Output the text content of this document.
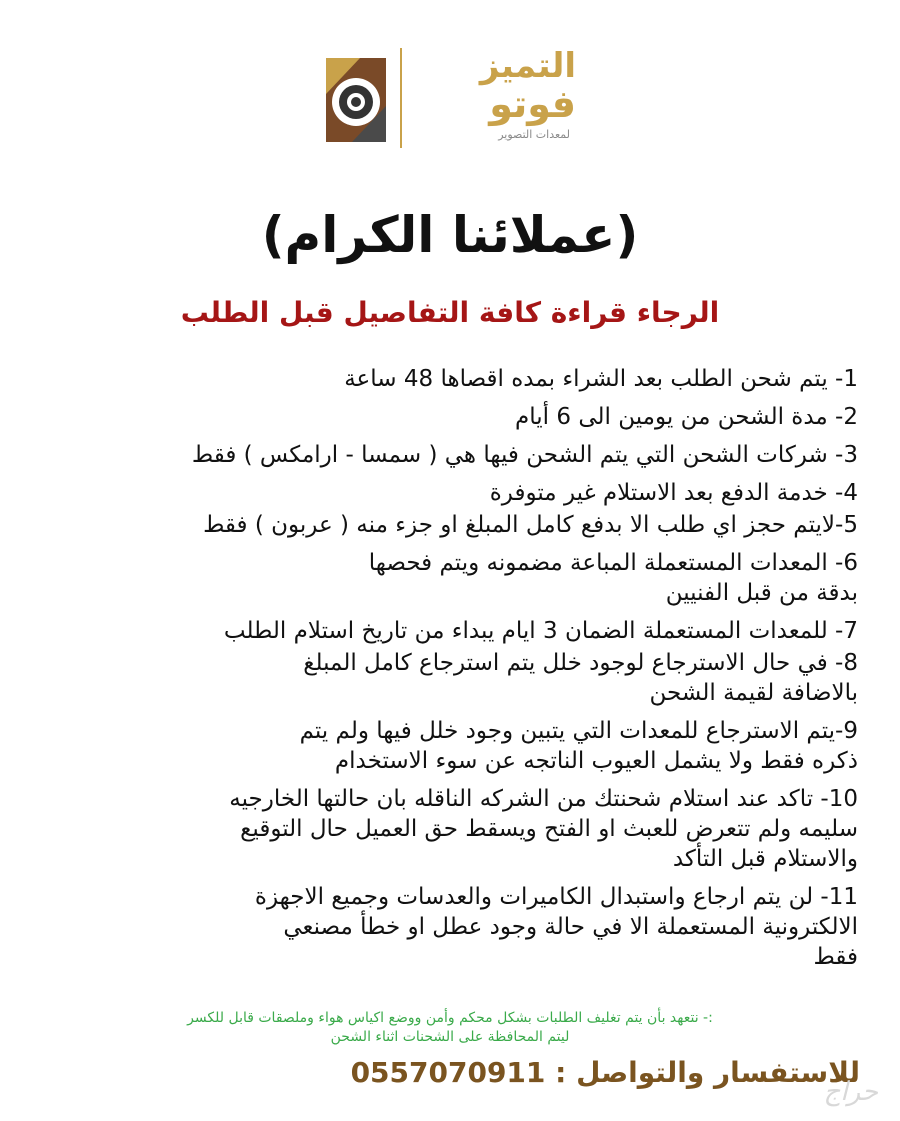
التميز
فوتو
لمعدات التصوير
(عملائنا الكرام)
الرجاء قراءة كافة التفاصيل قبل الطلب
1- يتم شحن الطلب بعد الشراء بمده اقصاها 48 ساعة
2- مدة الشحن من يومين الى 6 أيام
3- شركات الشحن التي يتم الشحن فيها هي ( سمسا - ارامكس ) فقط
4- خدمة الدفع بعد الاستلام غير متوفرة
5-لايتم حجز اي طلب الا بدفع كامل المبلغ او جزء منه ( عربون ) فقط
6- المعدات المستعملة المباعة مضمونه ويتم فحصها
بدقة من قبل الفنيين
7- للمعدات المستعملة الضمان 3 ايام يبداء من تاريخ استلام الطلب
8- في حال الاسترجاع لوجود خلل يتم استرجاع كامل المبلغ
بالاضافة لقيمة الشحن
9-يتم الاسترجاع للمعدات التي يتبين وجود خلل فيها ولم يتم
ذكره فقط ولا يشمل العيوب الناتجه عن سوء الاستخدام
10- تاكد عند استلام شحنتك من الشركه الناقله بان حالتها الخارجيه
سليمه ولم تتعرض للعبث او الفتح ويسقط حق العميل حال التوقيع
والاستلام قبل التأكد
11- لن يتم ارجاع واستبدال الكاميرات والعدسات وجميع الاجهزة
الالكترونية المستعملة الا في حالة وجود عطل او خطأ مصنعي
فقط
:- نتعهد بأن يتم تغليف الطلبات بشكل محكم وأمن ووضع اكياس هواء وملصقات قابل للكسر
ليتم المحافظة على الشحنات اثناء الشحن
للاستفسار والتواصل : 0557070911
حراج
